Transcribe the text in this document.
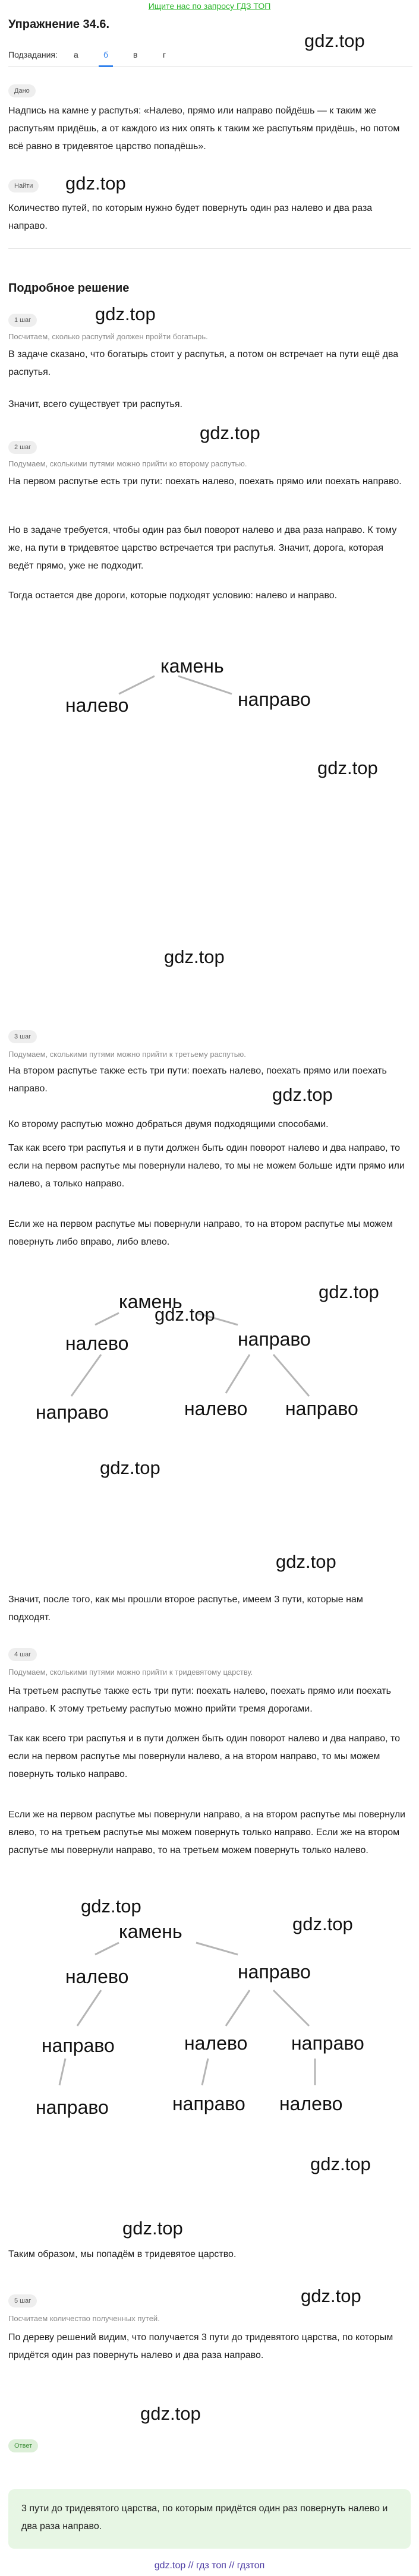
Ищите нас по запросу ГДЗ ТОП
Упражнение 34.6.
gdz.top
Подзадания: а	б	в	г
Дано
Надпись на камне у распутья: «Налево, прямо или направо пойдёшь — к таким же распутьям придёшь, а от каждого из них опять к таким же распутьям придёшь, но потом всё равно в тридевятое царство попадёшь».
Найти	gdz.top
Количество путей, по которым нужно будет повернуть один раз налево и два раза направо.
Подробное решение
gdz.top
1 шаг
Посчитаем, сколько распутий должен пройти богатырь.
В задаче сказано, что богатырь стоит у распутья, а потом он встречает на пути ещё два распутья.
Значит, всего существует три распутья.
gdz.top
2 шаг
Подумаем, сколькими путями можно прийти ко второму распутью.
На первом распутье есть три пути: поехать налево, поехать прямо или поехать направо.
Но в задаче требуется, чтобы один раз был поворот налево и два раза направо. К тому же, на пути в тридевятое царство встречается три распутья. Значит, дорога, которая ведёт прямо, уже не подходит.
Тогда остается две дороги, которые подходят условию: налево и направо.
камень
налево	направо
gdz.top
gdz.top
3 шаг
Подумаем, сколькими путями можно прийти к третьему распутью.
На втором распутье также есть три пути: поехать налево, поехать прямо или поехать направо.	gdz.top
Ко второму распутью можно добраться двумя подходящими способами.
Так как всего три распутья и в пути должен быть один поворот налево и два направо, то если на первом распутье мы повернули налево, то мы не можем больше идти прямо или налево, а только направо.
Если же на первом распутье мы повернули направо, то на втором распутье мы можем повернуть либо вправо, либо влево.
камень
налево	направо
направо	налево направо
gdz.top
gdz.top
gdz.top
gdz.top
Значит, после того, как мы прошли второе распутье, имеем 3 пути, которые нам подходят.
4 шаг
Подумаем, сколькими путями можно прийти к тридевятому царству.
На третьем распутье также есть три пути: поехать налево, поехать прямо или поехать направо. К этому третьему распутью можно прийти тремя дорогами.
Так как всего три распутья и в пути должен быть один поворот налево и два направо, то если на первом распутье мы повернули налево, а на втором направо, то мы можем повернуть только направо.
Если же на первом распутье мы повернули направо, а на втором распутье мы повернули влево, то на третьем распутье мы можем повернуть только направо. Если же на втором распутье мы повернули направо, то на третьем можем повернуть только налево.
gdz.top
камень
налево	направо
направо	налево направо
направо	направо налево
gdz.top
gdz.top
gdz.top
Таким образом, мы попадём в тридевятое царство.
5 шаг	gdz.top
Посчитаем количество полученных путей.
По дереву решений видим, что получается 3 пути до тридевятого царства, по которым придётся один раз повернуть налево и два раза направо.
gdz.top
Ответ
3 пути до тридевятого царства, по которым придётся один раз повернуть налево и два раза направо.
gdz.top // гдз топ // гдзтоп
